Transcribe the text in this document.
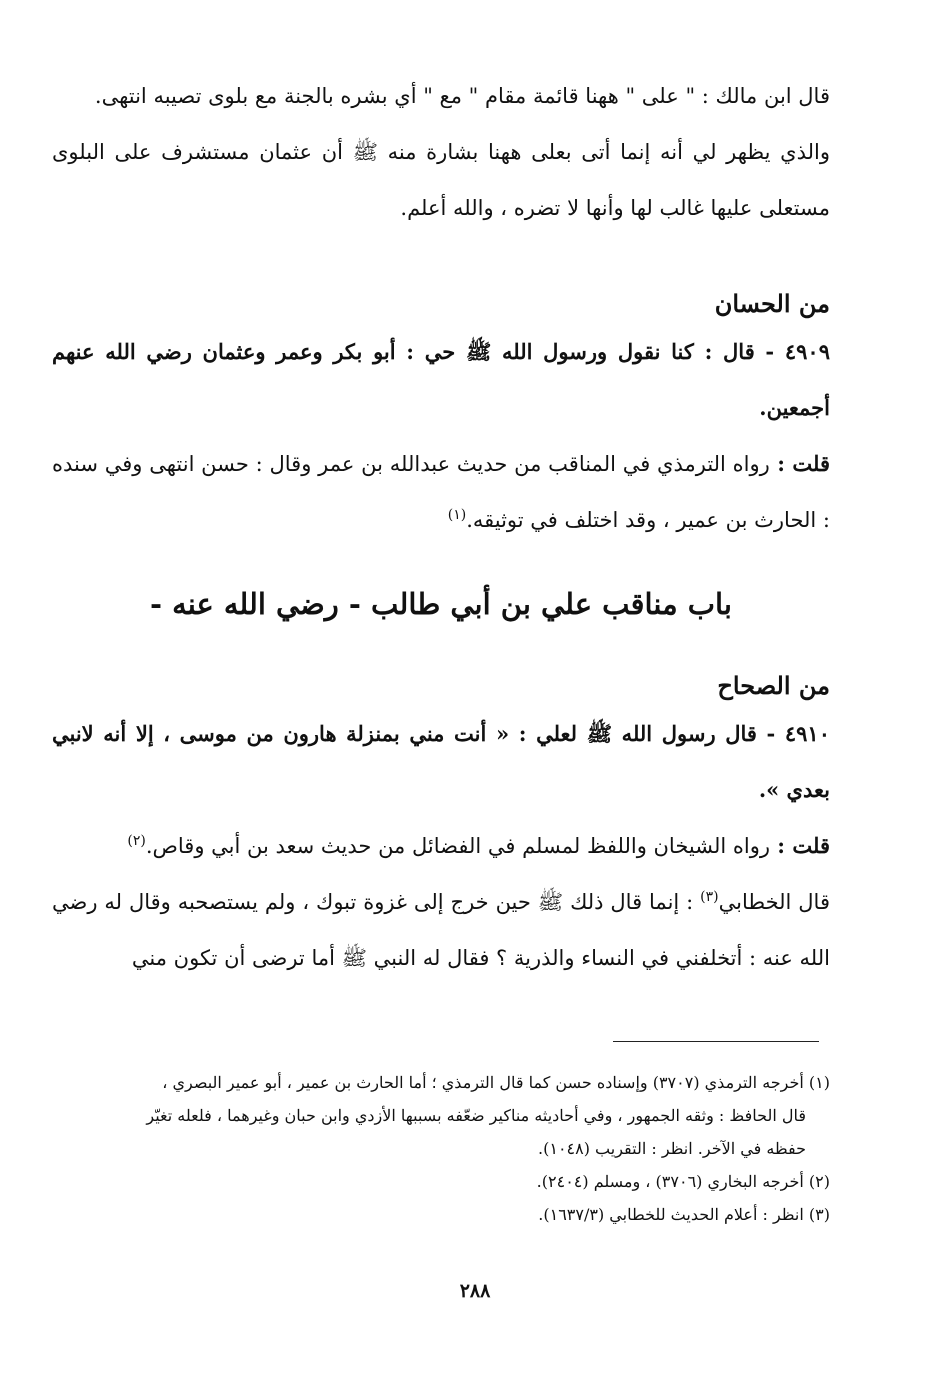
قال ابن مالك : " على " ههنا قائمة مقام " مع " أي بشره بالجنة مع بلوى تصيبه انتهى.

والذي يظهر لي أنه إنما أتى بعلى ههنا بشارة منه ﷺ أن عثمان مستشرف على البلوى مستعلى عليها غالب لها وأنها لا تضره ، والله أعلم.

من الحسان

٤٩٠٩ - قال : كنا نقول ورسول الله ﷺ حي : أبو بكر وعمر وعثمان رضي الله عنهم أجمعين.

قلت : رواه الترمذي في المناقب من حديث عبدالله بن عمر وقال : حسن انتهى وفي سنده : الحارث بن عمير ، وقد اختلف في توثيقه.$^{(١)}$

باب مناقب علي بن أبي طالب - رضي الله عنه -
من الصحاح

٤٩١٠ - قال رسول الله ﷺ لعلي : « أنت مني بمنزلة هارون من موسى ، إلا أنه لانبي بعدي ».

قلت : رواه الشيخان واللفظ لمسلم في الفضائل من حديث سعد بن أبي وقاص.$^{(٢)}$

قال الخطابي$^{(٣)}$ : إنما قال ذلك ﷺ حين خرج إلى غزوة تبوك ، ولم يستصحبه وقال له رضي الله عنه : أتخلفني في النساء والذرية ؟ فقال له النبي ﷺ أما ترضى أن تكون مني

(١) أخرجه الترمذي (٣٧٠٧) وإسناده حسن كما قال الترمذي ؛ أما الحارث بن عمير ، أبو عمير البصري ،

قال الحافظ : وثقه الجمهور ، وفي أحاديثه مناكير ضعّفه بسببها الأزدي وابن حبان وغيرهما ، فلعله تغيّر

حفظه في الآخر. انظر : التقريب (١٠٤٨).

(٢) أخرجه البخاري (٣٧٠٦) ، ومسلم (٢٤٠٤).

(٣) انظر : أعلام الحديث للخطابي (١٦٣٧/٣).

٢٨٨
